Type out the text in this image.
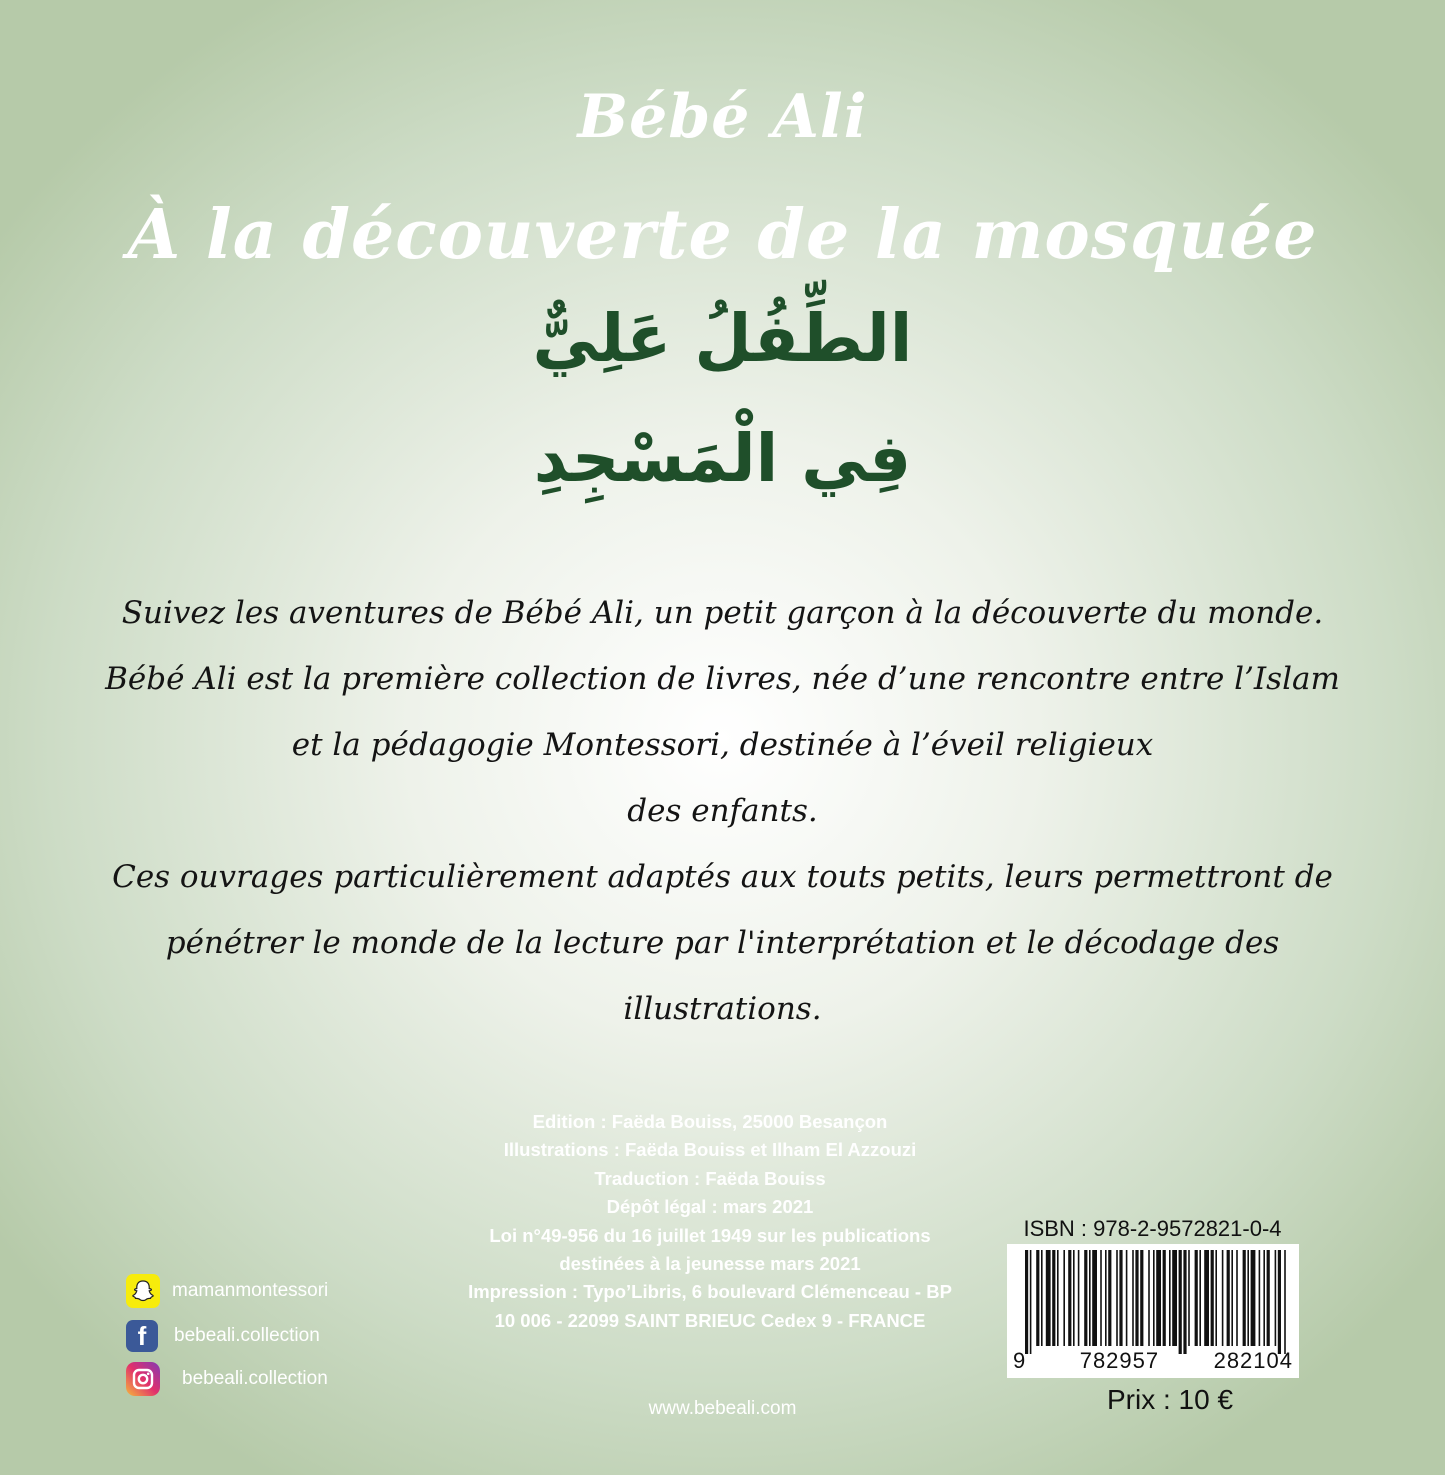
Bébé Ali
À la découverte de la mosquée
الطِّفُلُ عَلِيٌّ
فِي الْمَسْجِدِ
Suivez les aventures de Bébé Ali, un petit garçon à la découverte du monde.
Bébé Ali est la première collection de livres, née d’une rencontre entre l’Islam
et la pédagogie Montessori, destinée à l’éveil religieux
des enfants.
Ces ouvrages particulièrement adaptés aux touts petits, leurs permettront de
pénétrer le monde de la lecture par l'interprétation et le décodage des
illustrations.
Edition : Faëda Bouiss, 25000 Besançon
Illustrations : Faëda Bouiss et Ilham El Azzouzi
Traduction : Faëda Bouiss
Dépôt légal : mars 2021
Loi n°49-956 du 16 juillet 1949 sur les publications
destinées à la jeunesse mars 2021
Impression : Typo’Libris, 6 boulevard Clémenceau - BP
10 006 - 22099 SAINT BRIEUC Cedex 9 - FRANCE
mamanmontessori
f	bebeali.collection
bebeali.collection
www.bebeali.com
ISBN : 978-2-9572821-0-4
9 782957 282104
Prix : 10 €
